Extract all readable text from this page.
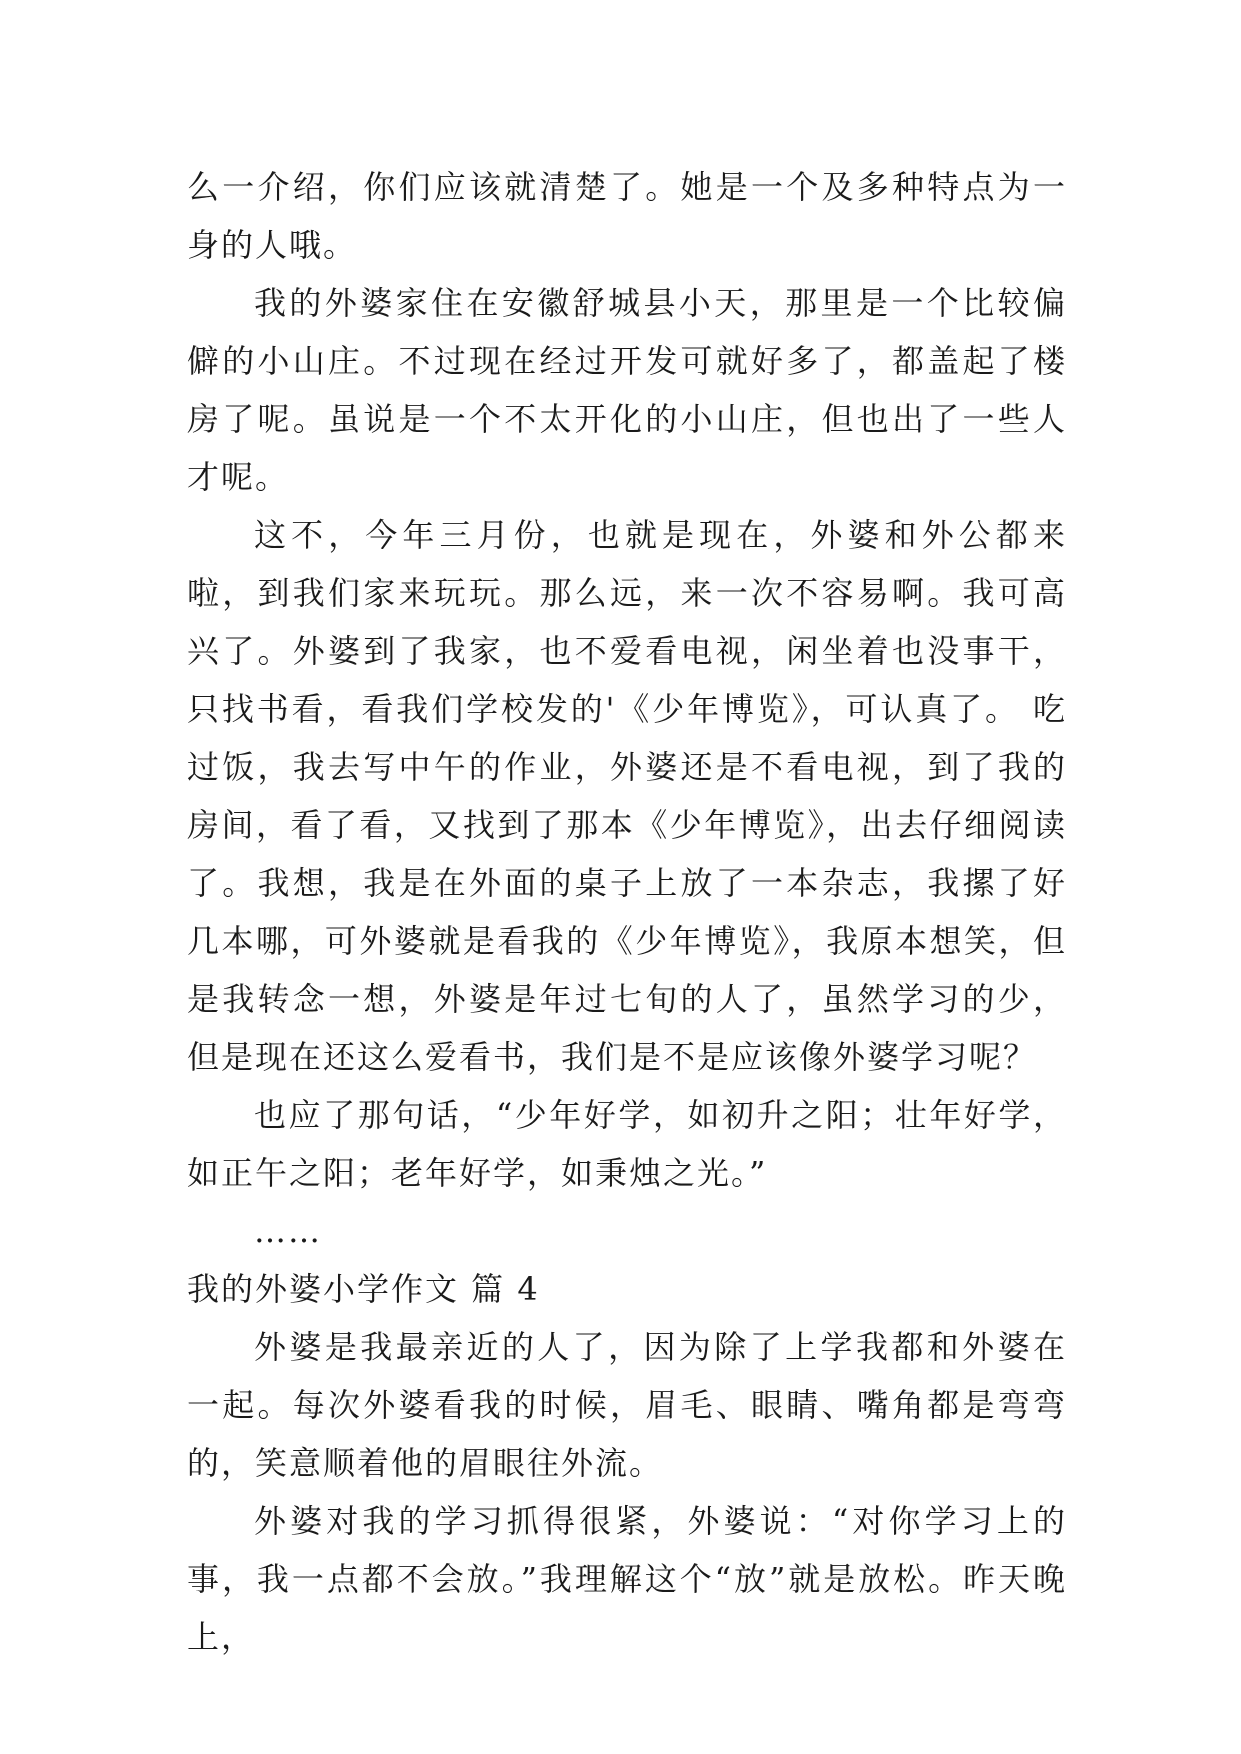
么一介绍，你们应该就清楚了。她是一个及多种特点为一身的人哦。

我的外婆家住在安徽舒城县小天，那里是一个比较偏僻的小山庄。不过现在经过开发可就好多了，都盖起了楼房了呢。虽说是一个不太开化的小山庄，但也出了一些人才呢。

这不，今年三月份，也就是现在，外婆和外公都来啦，到我们家来玩玩。那么远，来一次不容易啊。我可高兴了。外婆到了我家，也不爱看电视，闲坐着也没事干，只找书看，看我们学校发的'《少年博览》，可认真了。 吃过饭，我去写中午的作业，外婆还是不看电视，到了我的房间，看了看，又找到了那本《少年博览》，出去仔细阅读了。我想，我是在外面的桌子上放了一本杂志，我摞了好几本哪，可外婆就是看我的《少年博览》，我原本想笑，但是我转念一想，外婆是年过七旬的人了，虽然学习的少，但是现在还这么爱看书，我们是不是应该像外婆学习呢？

也应了那句话，“少年好学，如初升之阳；壮年好学，如正午之阳；老年好学，如秉烛之光。”

……

我的外婆小学作文 篇 4

外婆是我最亲近的人了，因为除了上学我都和外婆在一起。每次外婆看我的时候，眉毛、眼睛、嘴角都是弯弯的，笑意顺着他的眉眼往外流。

外婆对我的学习抓得很紧，外婆说：“对你学习上的事，我一点都不会放。”我理解这个“放”就是放松。昨天晚上，
